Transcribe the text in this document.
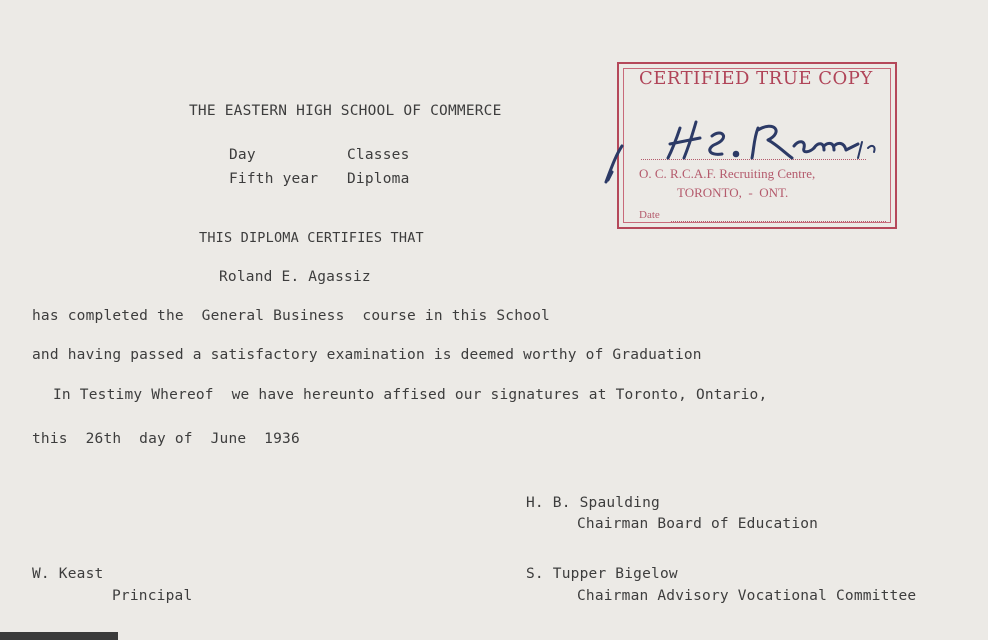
THE EASTERN HIGH SCHOOL OF COMMERCE
Day	Classes
Fifth year Diploma
THIS DIPLOMA CERTIFIES THAT
Roland E. Agassiz
has completed the  General Business  course in this School
and having passed a satisfactory examination is deemed worthy of Graduation
In Testimy Whereof  we have hereunto affised our signatures at Toronto, Ontario,
this  26th  day of  June  1936
H. B. Spaulding
Chairman Board of Education
W. Keast
Principal
S. Tupper Bigelow
Chairman Advisory Vocational Committee
CERTIFIED TRUE COPY
O. C. R.C.A.F. Recruiting Centre,
TORONTO,  -  ONT.
Date
